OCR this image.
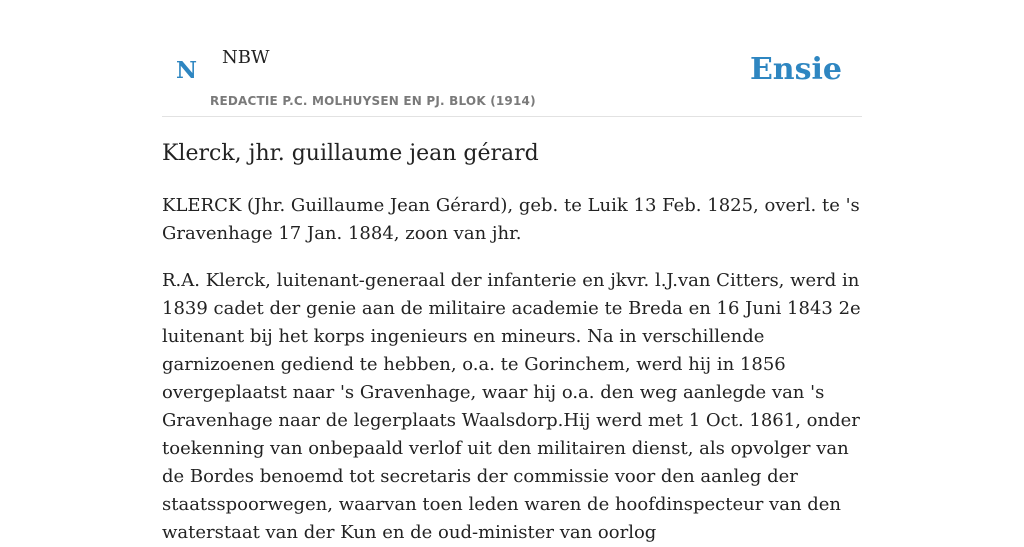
N NBW
REDACTIE P.C. MOLHUYSEN EN PJ. BLOK (1914)
Ensie
Klerck, jhr. guillaume jean gérard

KLERCK (Jhr. Guillaume Jean Gérard), geb. te Luik 13 Feb. 1825, overl. te 's Gravenhage 17 Jan. 1884, zoon van jhr.

R.A. Klerck, luitenant-generaal der infanterie en jkvr. l.J.van Citters, werd in 1839 cadet der genie aan de militaire academie te Breda en 16 Juni 1843 2e luitenant bij het korps ingenieurs en mineurs. Na in verschillende garnizoenen gediend te hebben, o.a. te Gorinchem, werd hij in 1856 overgeplaatst naar 's Gravenhage, waar hij o.a. den weg aanlegde van 's Gravenhage naar de legerplaats Waalsdorp.Hij werd met 1 Oct. 1861, onder toekenning van onbepaald verlof uit den militairen dienst, als opvolger van de Bordes benoemd tot secretaris der commissie voor den aanleg der staatsspoorwegen, waarvan toen leden waren de hoofdinspecteur van den waterstaat van der Kun en de oud-minister van oorlog
